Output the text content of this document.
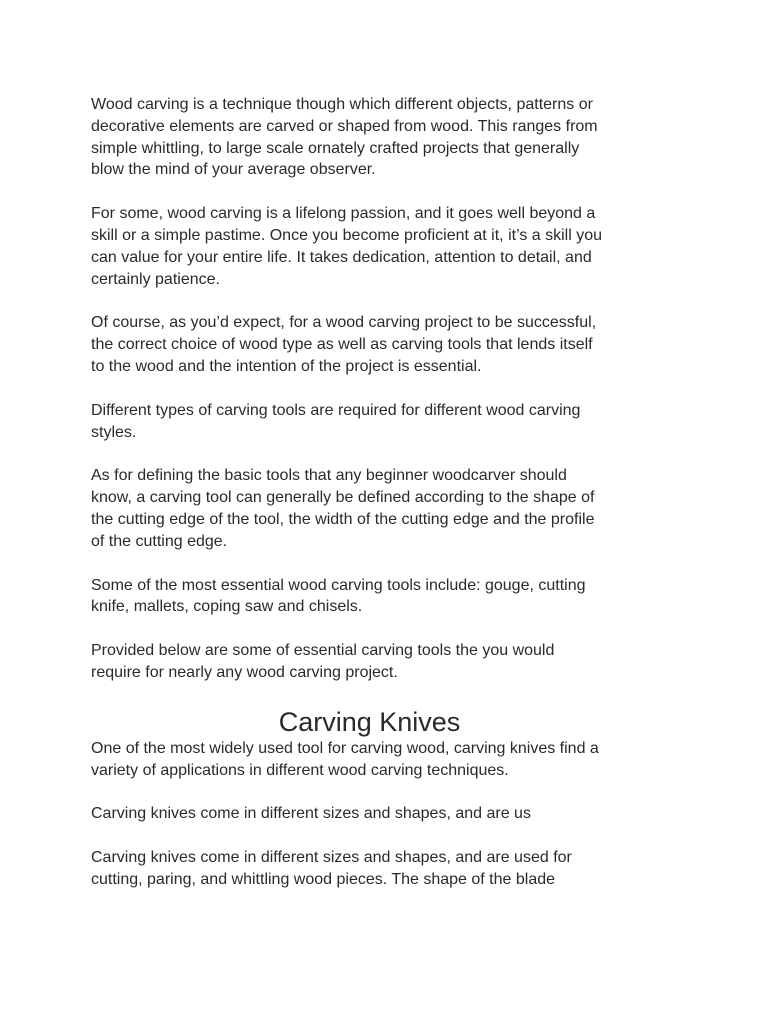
Wood carving is a technique though which different objects, patterns or
decorative elements are carved or shaped from wood. This ranges from
simple whittling, to large scale ornately crafted projects that generally
blow the mind of your average observer.

For some, wood carving is a lifelong passion, and it goes well beyond a
skill or a simple pastime. Once you become proficient at it, it’s a skill you
can value for your entire life. It takes dedication, attention to detail, and
certainly patience.

Of course, as you’d expect, for a wood carving project to be successful,
the correct choice of wood type as well as carving tools that lends itself
to the wood and the intention of the project is essential.

Different types of carving tools are required for different wood carving
styles.

As for defining the basic tools that any beginner woodcarver should
know, a carving tool can generally be defined according to the shape of
the cutting edge of the tool, the width of the cutting edge and the profile
of the cutting edge.

Some of the most essential wood carving tools include: gouge, cutting
knife, mallets, coping saw and chisels.

Provided below are some of essential carving tools the you would
require for nearly any wood carving project.

Carving Knives

One of the most widely used tool for carving wood, carving knives find a
variety of applications in different wood carving techniques.

Carving knives come in different sizes and shapes, and are us

Carving knives come in different sizes and shapes, and are used for
cutting, paring, and whittling wood pieces. The shape of the blade
